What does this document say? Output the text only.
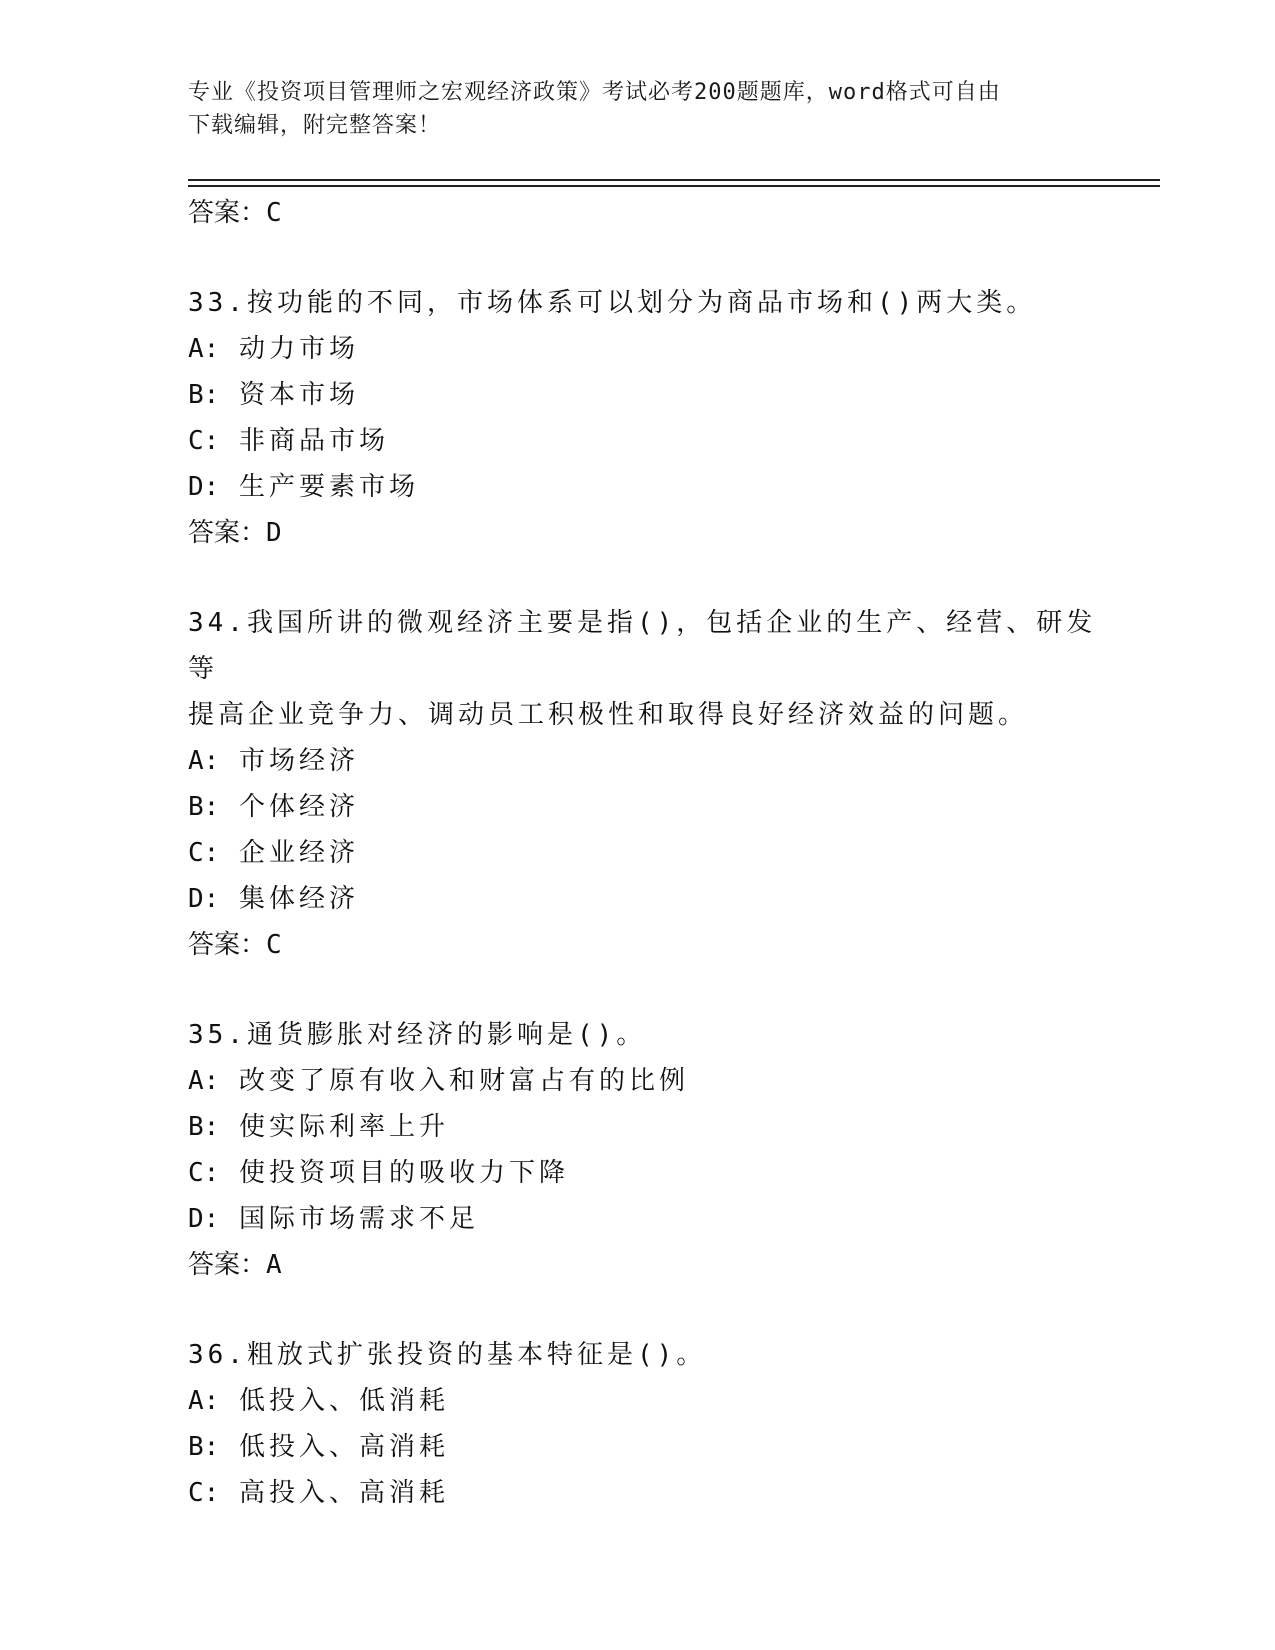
专业《投资项目管理师之宏观经济政策》考试必考200题题库，word格式可自由
下载编辑，附完整答案！
答案：C
33.按功能的不同，市场体系可以划分为商品市场和()两大类。
A: 动力市场
B: 资本市场
C: 非商品市场
D: 生产要素市场
答案：D
34.我国所讲的微观经济主要是指()，包括企业的生产、经营、研发等
提高企业竞争力、调动员工积极性和取得良好经济效益的问题。
A: 市场经济
B: 个体经济
C: 企业经济
D: 集体经济
答案：C
35.通货膨胀对经济的影响是()。
A: 改变了原有收入和财富占有的比例
B: 使实际利率上升
C: 使投资项目的吸收力下降
D: 国际市场需求不足
答案：A
36.粗放式扩张投资的基本特征是()。
A: 低投入、低消耗
B: 低投入、高消耗
C: 高投入、高消耗
